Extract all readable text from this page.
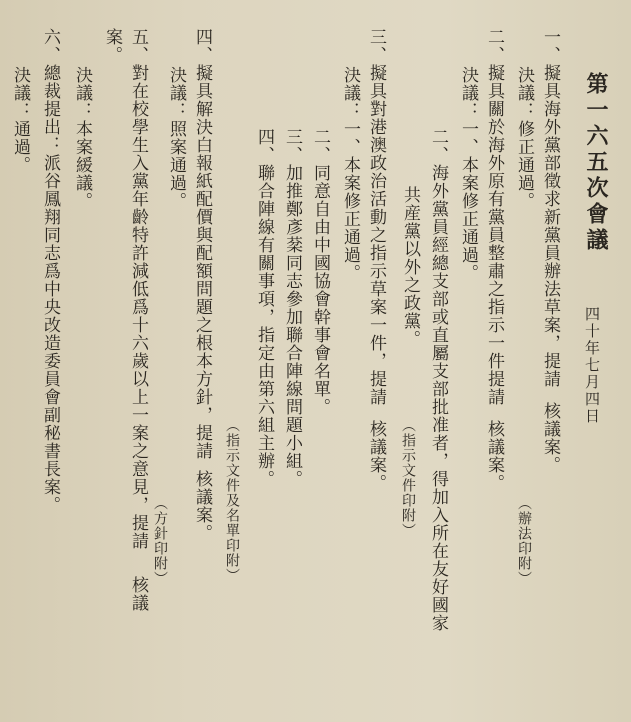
第一六五次會議
四十年七月四日
一、擬具海外黨部徵求新黨員辦法草案，提請核議案。
決議：修正通過。
（辦法印附）
二、擬具關於海外原有黨員整肅之指示一件提請核議案。
決議：一、本案修正通過。
二、海外黨員經總支部或直屬支部批准者，得加入所在友好國家
共産黨以外之政黨。
（指示文件印附）
三、擬具對港澳政治活動之指示草案一件，提請核議案。
決議：一、本案修正通過。
二、同意自由中國協會幹事會名單。
三、加推鄭彥棻同志參加聯合陣線問題小組。
四、聯合陣線有關事項，指定由第六組主辦。
（指示文件及名單印附）
四、擬具解決白報紙配價與配額問題之根本方針，提請核議案。
決議：照案通過。
（方針印附）
五、對在校學生入黨年齡特許減低爲十六歲以上一案之意見，提請核議
案。
決議：本案緩議。
六、總裁提出：派谷鳳翔同志爲中央改造委員會副秘書長案。
決議：通過。
